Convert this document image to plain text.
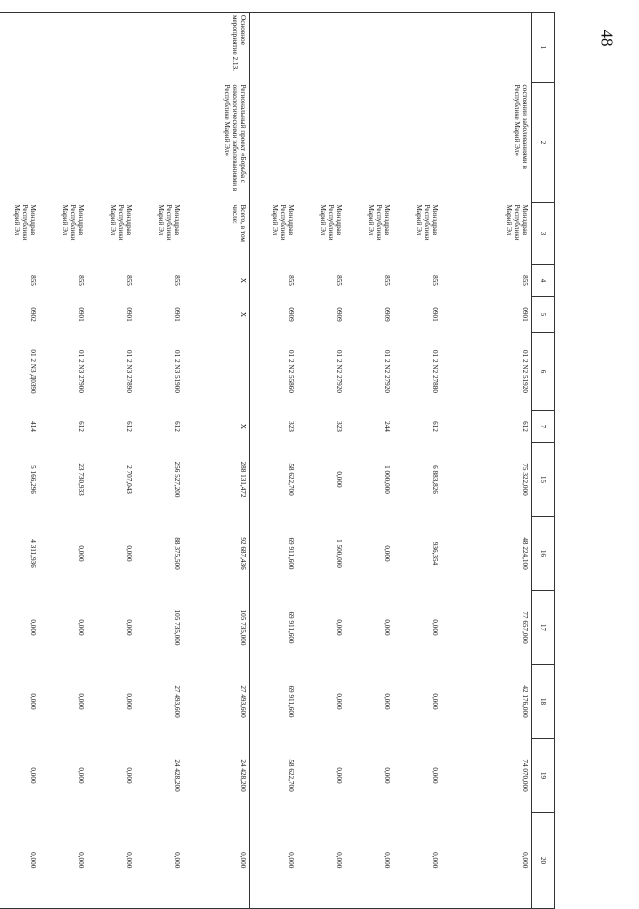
48
1	2	3	4	5	6	7	15	16	17	18	19	20
	состоянии заболеваниями в Республике Марий Эл»	Минздрав Республики Марий Эл	855	0901	01 2 N2 51920	612	75 322,000	48 224,100	77 657,000	42 176,000	74 070,000	0,000
		Минздрав Республики Марий Эл	855	0901	01 2 N2 27880	612	6 883,826	936,354	0,000	0,000	0,000	0,000
		Минздрав Республики Марий Эл	855	0909	01 2 N2 27920	244	1 000,000	0,000	0,000	0,000	0,000	0,000
		Минздрав Республики Марий Эл	855	0909	01 2 N2 27920	323	0,000	1 500,000	0,000	0,000	0,000	0,000
		Минздрав Республики Марий Эл	855	0909	01 2 N2 55860	323	58 622,700	69 911,600	69 911,600	69 911,600	58 622,700	0,000
Основное мероприятие 2.13.	Региональный проект «Борьба с онкологическими заболеваниями в Республике Марий Эл»	Всего, в том числе:	X	X		X	288 131,472	92 687,436	105 735,000	27 493,600	24 428,200	0,000
		Минздрав Республики Марий Эл	855	0901	01 2 N3 51900	612	256 527,200	88 375,500	105 735,000	27 493,600	24 428,200	0,000
		Минздрав Республики Марий Эл	855	0901	01 2 N3 27890	612	2 707,043	0,000	0,000	0,000	0,000	0,000
		Минздрав Республики Марий Эл	855	0901	01 2 N3 27900	612	23 730,933	0,000	0,000	0,000	0,000	0,000
		Минздрав Республики Марий Эл	855	0902	01 2 N3 Д0390	414	5 166,296	4 311,936	0,000	0,000	0,000	0,000
